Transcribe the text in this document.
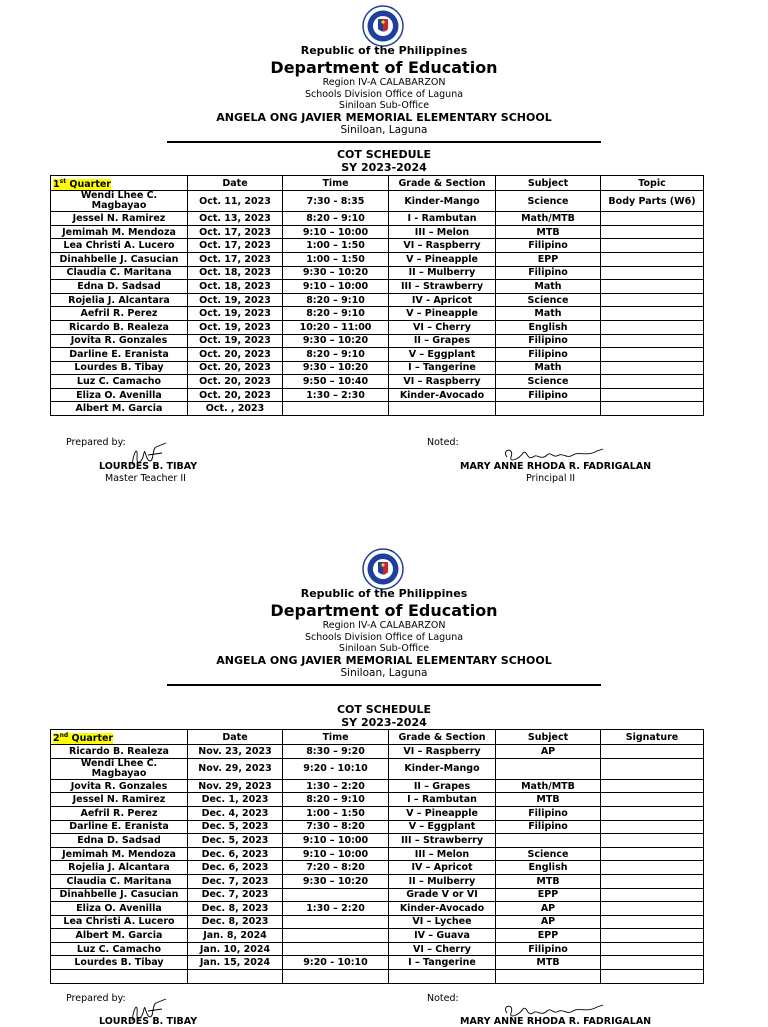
Republic of the Philippines
Department of Education
Region IV-A CALABARZON
Schools Division Office of Laguna
Siniloan Sub-Office
ANGELA ONG JAVIER MEMORIAL ELEMENTARY SCHOOL
Siniloan, Laguna
COT SCHEDULE
SY 2023-2024
1st Quarter	Date	Time	Grade & Section	Subject	Topic
Wendi Lhee C. Magbayao	Oct. 11, 2023	7:30 - 8:35	Kinder-Mango	Science	Body Parts (W6)
Jessel N. Ramirez	Oct. 13, 2023	8:20 – 9:10	I - Rambutan	Math/MTB	
Jemimah M. Mendoza	Oct. 17, 2023	9:10 – 10:00	III – Melon	MTB	
Lea Christi A. Lucero	Oct. 17, 2023	1:00 – 1:50	VI – Raspberry	Filipino	
Dinahbelle J. Casucian	Oct. 17, 2023	1:00 – 1:50	V – Pineapple	EPP	
Claudia C. Maritana	Oct. 18, 2023	9:30 – 10:20	II – Mulberry	Filipino	
Edna D. Sadsad	Oct. 18, 2023	9:10 – 10:00	III – Strawberry	Math	
Rojelia J. Alcantara	Oct. 19, 2023	8:20 – 9:10	IV - Apricot	Science	
Aefril R. Perez	Oct. 19, 2023	8:20 – 9:10	V – Pineapple	Math	
Ricardo B. Realeza	Oct. 19, 2023	10:20 – 11:00	VI – Cherry	English	
Jovita R. Gonzales	Oct. 19, 2023	9:30 – 10:20	II – Grapes	Filipino	
Darline E. Eranista	Oct. 20, 2023	8:20 – 9:10	V – Eggplant	Filipino	
Lourdes B. Tibay	Oct. 20, 2023	9:30 – 10:20	I – Tangerine	Math	
Luz C. Camacho	Oct. 20, 2023	9:50 – 10:40	VI – Raspberry	Science	
Eliza O. Avenilla	Oct. 20, 2023	1:30 – 2:30	Kinder-Avocado	Filipino	
Albert M. Garcia	Oct. , 2023				
Prepared by:
LOURDES B. TIBAY
Master Teacher II
Noted:
MARY ANNE RHODA R. FADRIGALAN
Principal II
Republic of the Philippines
Department of Education
Region IV-A CALABARZON
Schools Division Office of Laguna
Siniloan Sub-Office
ANGELA ONG JAVIER MEMORIAL ELEMENTARY SCHOOL
Siniloan, Laguna
COT SCHEDULE
SY 2023-2024
2nd Quarter	Date	Time	Grade & Section	Subject	Signature
Ricardo B. Realeza	Nov. 23, 2023	8:30 – 9:20	VI – Raspberry	AP	
Wendi Lhee C. Magbayao	Nov. 29, 2023	9:20 - 10:10	Kinder-Mango		
Jovita R. Gonzales	Nov. 29, 2023	1:30 – 2:20	II – Grapes	Math/MTB	
Jessel N. Ramirez	Dec. 1, 2023	8:20 – 9:10	I – Rambutan	MTB	
Aefril R. Perez	Dec. 4, 2023	1:00 – 1:50	V – Pineapple	Filipino	
Darline E. Eranista	Dec. 5, 2023	7:30 – 8:20	V – Eggplant	Filipino	
Edna D. Sadsad	Dec. 5, 2023	9:10 – 10:00	III – Strawberry		
Jemimah M. Mendoza	Dec. 6, 2023	9:10 – 10:00	III – Melon	Science	
Rojelia J. Alcantara	Dec. 6, 2023	7:20 – 8:20	IV – Apricot	English	
Claudia C. Maritana	Dec. 7, 2023	9:30 – 10:20	II – Mulberry	MTB	
Dinahbelle J. Casucian	Dec. 7, 2023		Grade V or VI	EPP	
Eliza O. Avenilla	Dec. 8, 2023	1:30 – 2:20	Kinder-Avocado	AP	
Lea Christi A. Lucero	Dec. 8, 2023		VI – Lychee	AP	
Albert M. Garcia	Jan. 8, 2024		IV – Guava	EPP	
Luz C. Camacho	Jan. 10, 2024		VI – Cherry	Filipino	
Lourdes B. Tibay	Jan. 15, 2024	9:20 - 10:10	I – Tangerine	MTB	

Prepared by:
LOURDES B. TIBAY
Noted:
MARY ANNE RHODA R. FADRIGALAN
